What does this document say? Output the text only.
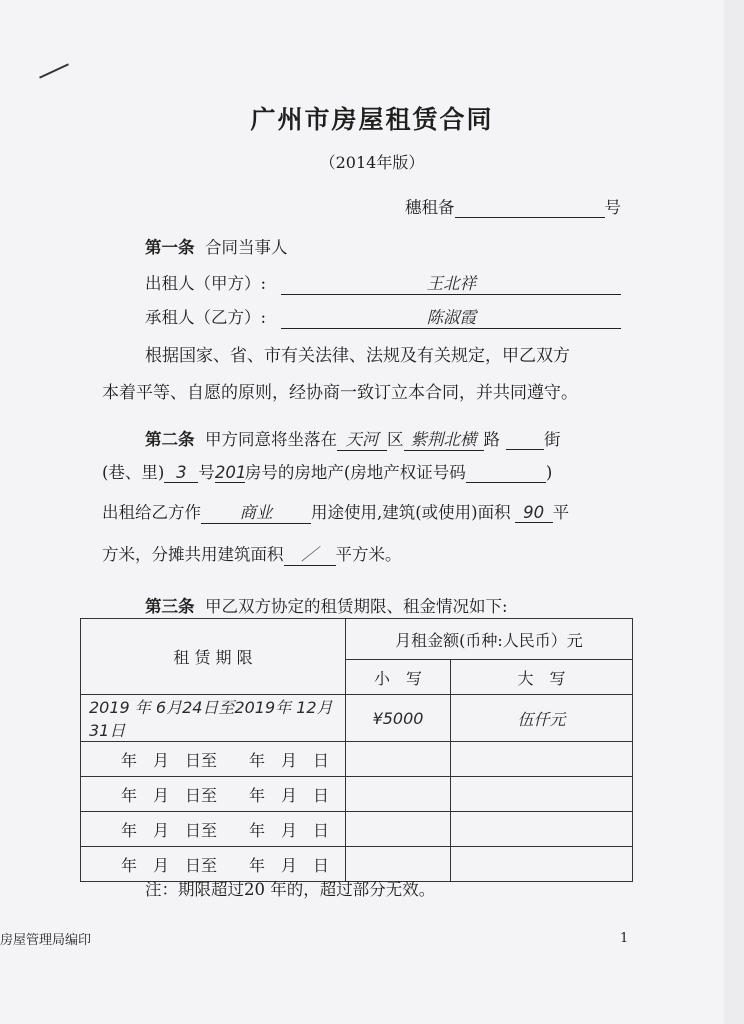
广州市房屋租赁合同
（2014年版）
穗租备	号
第一条 合同当事人
出租人（甲方）:	王北祥
承租人（乙方）:	陈淑霞
根据国家、省、市有关法律、法规及有关规定，甲乙双方
本着平等、自愿的原则，经协商一致订立本合同，并共同遵守。
第二条 甲方同意将坐落在 天河 区 紫荆北横 路	街
(巷、里) 3 号201房号的房地产(房地产权证号码	)
出租给乙方作 商业 用途使用,建筑(或使用)面积 90 平
方米，分摊共用建筑面积 ／ 平方米。
第三条 甲乙双方协定的租赁期限、租金情况如下:
租 赁 期 限	月租金额(币种:人民币）元	
	小　写	大　写
2019 年 6月24日至2019年 12月31日	¥5000	伍仟元
　　年　月　日至　　年　月　日		
　　年　月　日至　　年　月　日		
　　年　月　日至　　年　月　日		
　　年　月　日至　　年　月　日		
注：期限超过20 年的，超过部分无效。
房屋管理局编印	1
